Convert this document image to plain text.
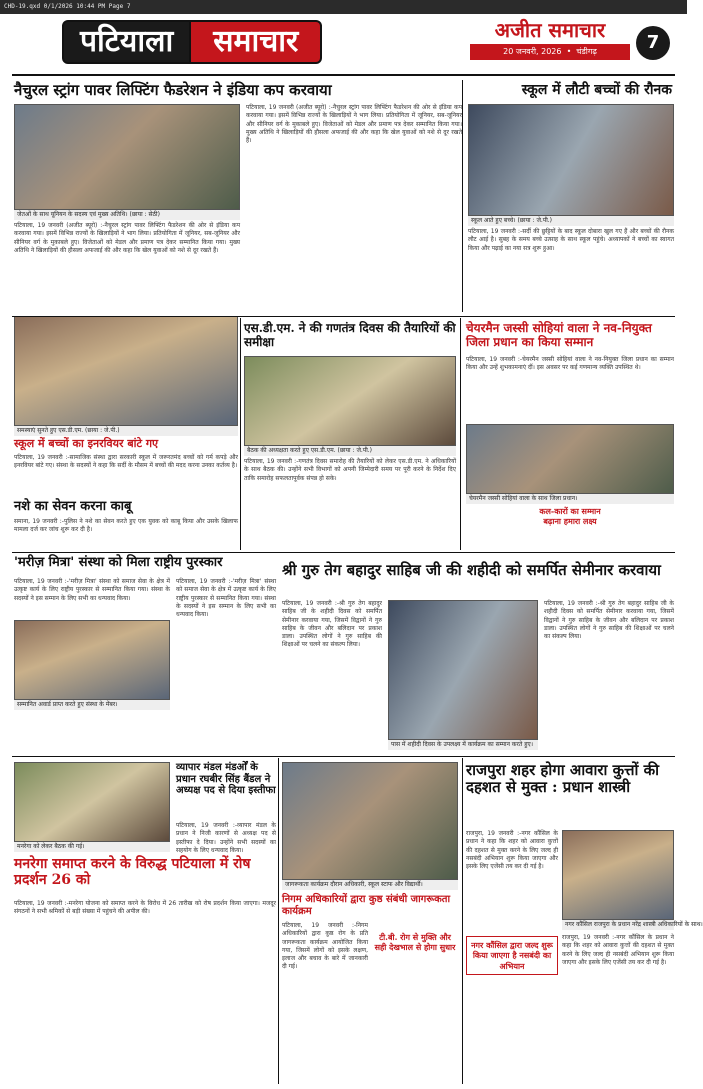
CHD-19.qxd 0/1/2026 10:44 PM Page 7
पटियाला	समाचार	अजीत समाचार
20 जनवरी, 2026  •  चंडीगढ़	7
नैचुरल स्ट्रांग पावर लिफ्टिंग फैडरेशन ने इंडिया कप करवाया
जेतओं के साथ यूनियन के सदस्य एवं मुख्य अतिथि। (छाया : सेठी)
पटियाला, 19 जनवरी (अजीत ब्यूरो) :-नैचुरल स्ट्रांग पावर लिफ्टिंग फैडरेशन की ओर से इंडिया कप करवाया गया। इसमें विभिन्न राज्यों के खिलाड़ियों ने भाग लिया। प्रतियोगिता में जूनियर, सब-जूनियर और सीनियर वर्ग के मुकाबले हुए। विजेताओं को मेडल और प्रमाण पत्र देकर सम्मानित किया गया। मुख्य अतिथि ने खिलाड़ियों की हौसला अफजाई की और कहा कि खेल युवाओं को नशे से दूर रखते हैं।
पटियाला, 19 जनवरी (अजीत ब्यूरो) :-नैचुरल स्ट्रांग पावर लिफ्टिंग फैडरेशन की ओर से इंडिया कप करवाया गया। इसमें विभिन्न राज्यों के खिलाड़ियों ने भाग लिया। प्रतियोगिता में जूनियर, सब-जूनियर और सीनियर वर्ग के मुकाबले हुए। विजेताओं को मेडल और प्रमाण पत्र देकर सम्मानित किया गया। मुख्य अतिथि ने खिलाड़ियों की हौसला अफजाई की और कहा कि खेल युवाओं को नशे से दूर रखते हैं।
समस्याएं सुनते हुए एस.डी.एम. (छाया : जे.पी.)
स्कूल में लौटी बच्चों की रौनक
स्कूल आते हुए बच्चे। (छाया : जे.पी.)
पटियाला, 19 जनवरी :-सर्दी की छुट्टियों के बाद स्कूल दोबारा खुल गए हैं और बच्चों की रौनक लौट आई है। सुबह के समय बच्चे उत्साह के साथ स्कूल पहुंचे। अध्यापकों ने बच्चों का स्वागत किया और पढ़ाई का नया सत्र शुरू हुआ।
एस.डी.एम. ने की गणतंत्र दिवस की तैयारियों की समीक्षा
बैठक की अध्यक्षता करते हुए एस.डी.एम. (छाया : जे.पी.)
पटियाला, 19 जनवरी :-गणतंत्र दिवस समारोह की तैयारियों को लेकर एस.डी.एम. ने अधिकारियों के साथ बैठक की। उन्होंने सभी विभागों को अपनी जिम्मेदारी समय पर पूरी करने के निर्देश दिए ताकि समारोह सफलतापूर्वक संपन्न हो सके।
चेयरमैन जस्सी सोहियां वाला ने नव-नियुक्त जिला प्रधान का किया सम्मान
पटियाला, 19 जनवरी :-चेयरमैन जस्सी सोहियां वाला ने नव-नियुक्त जिला प्रधान का सम्मान किया और उन्हें शुभकामनाएं दीं। इस अवसर पर कई गणमान्य व्यक्ति उपस्थित थे।
चेयरमैन जस्सी सोहियां वाला के साथ जिला प्रधान।
कल-कारों का सम्मान बढ़ाना हमारा लक्ष्य
स्कूल में बच्चों का इनरवियर बांटे गए
पटियाला, 19 जनवरी :-सामाजिक संस्था द्वारा सरकारी स्कूल में जरूरतमंद बच्चों को गर्म कपड़े और इनरवियर बांटे गए। संस्था के सदस्यों ने कहा कि सर्दी के मौसम में बच्चों की मदद करना उनका कर्तव्य है।
नशे का सेवन करना काबू
समाना, 19 जनवरी :-पुलिस ने नशे का सेवन करते हुए एक युवक को काबू किया और उसके खिलाफ मामला दर्ज कर जांच शुरू कर दी है।
'मरीज़ मित्रा' संस्था को मिला राष्ट्रीय पुरस्कार
सम्मानित अवार्ड प्राप्त करते हुए संस्था के मेंबर।
पटियाला, 19 जनवरी :-'मरीज़ मित्रा' संस्था को समाज सेवा के क्षेत्र में उत्कृष्ट कार्य के लिए राष्ट्रीय पुरस्कार से सम्मानित किया गया। संस्था के सदस्यों ने इस सम्मान के लिए सभी का धन्यवाद किया।
पटियाला, 19 जनवरी :-'मरीज़ मित्रा' संस्था को समाज सेवा के क्षेत्र में उत्कृष्ट कार्य के लिए राष्ट्रीय पुरस्कार से सम्मानित किया गया। संस्था के सदस्यों ने इस सम्मान के लिए सभी का धन्यवाद किया।
श्री गुरु तेग बहादुर साहिब जी की शहीदी को समर्पित सेमीनार करवाया
पटियाला, 19 जनवरी :-श्री गुरु तेग बहादुर साहिब जी के शहीदी दिवस को समर्पित सेमीनार करवाया गया, जिसमें विद्वानों ने गुरु साहिब के जीवन और बलिदान पर प्रकाश डाला। उपस्थित लोगों ने गुरु साहिब की शिक्षाओं पर चलने का संकल्प लिया।
पास में शहीदी दिवस के उपलक्ष्य में कार्यक्रम का सम्मान करते हुए।
पटियाला, 19 जनवरी :-श्री गुरु तेग बहादुर साहिब जी के शहीदी दिवस को समर्पित सेमीनार करवाया गया, जिसमें विद्वानों ने गुरु साहिब के जीवन और बलिदान पर प्रकाश डाला। उपस्थित लोगों ने गुरु साहिब की शिक्षाओं पर चलने का संकल्प लिया।
मनरेगा को लेकर बैठक की गई।
व्यापार मंडल मंडर्ओं के प्रधान रघबीर सिंह बैंडल ने अध्यक्ष पद से दिया इस्तीफा
पटियाला, 19 जनवरी :-व्यापार मंडल के प्रधान ने निजी कारणों से अध्यक्ष पद से इस्तीफा दे दिया। उन्होंने सभी सदस्यों का सहयोग के लिए धन्यवाद किया।
मनरेगा समाप्त करने के विरुद्ध पटियाला में रोष प्रदर्शन 26 को
पटियाला, 19 जनवरी :-मनरेगा योजना को समाप्त करने के विरोध में 26 तारीख को रोष प्रदर्शन किया जाएगा। मजदूर संगठनों ने सभी श्रमिकों से बड़ी संख्या में पहुंचने की अपील की।
जागरूकता कार्यक्रम दौरान अधिकारी, स्कूल स्टाफ और विद्यार्थी।
निगम अधिकारियों द्वारा कुष्ठ संबंधी जागरूकता कार्यक्रम
पटियाला, 19 जनवरी :-निगम अधिकारियों द्वारा कुष्ठ रोग के प्रति जागरूकता कार्यक्रम आयोजित किया गया, जिसमें लोगों को इसके लक्षण, इलाज और बचाव के बारे में जानकारी दी गई।
टी.बी. रोग से मुक्ति और सही देखभाल से होगा सुधार
राजपुरा शहर होगा आवारा कुत्तों की दहशत से मुक्त : प्रधान शास्त्री
नगर कौंसिल राजपुरा के प्रधान नरेंद्र शास्त्री अधिकारियों के साथ।
राजपुरा, 19 जनवरी :-नगर कौंसिल के प्रधान ने कहा कि शहर को आवारा कुत्तों की दहशत से मुक्त करने के लिए जल्द ही नसबंदी अभियान शुरू किया जाएगा और इसके लिए एजेंसी तय कर दी गई है।
नगर कौंसिल द्वारा जल्द शुरू किया जाएगा है नसबंदी का अभियान
राजपुरा, 19 जनवरी :-नगर कौंसिल के प्रधान ने कहा कि शहर को आवारा कुत्तों की दहशत से मुक्त करने के लिए जल्द ही नसबंदी अभियान शुरू किया जाएगा और इसके लिए एजेंसी तय कर दी गई है।
